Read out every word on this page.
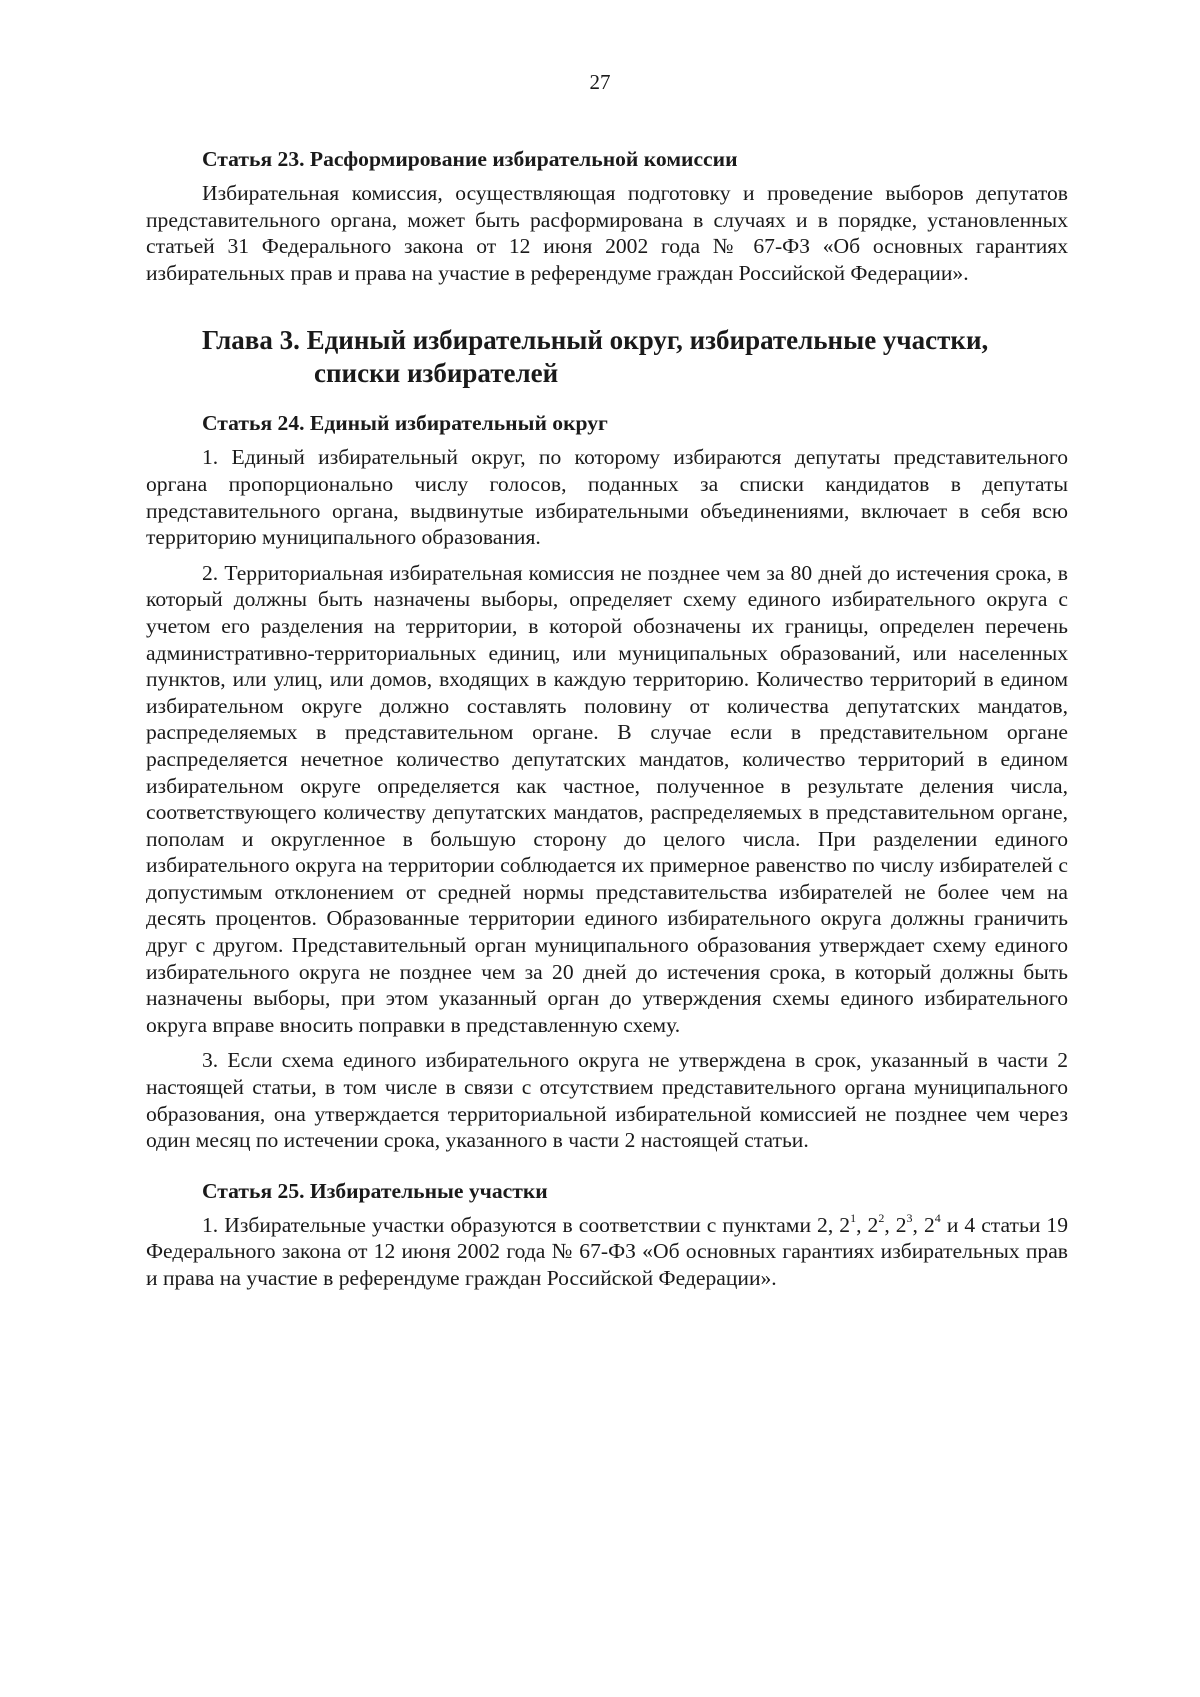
27
Статья 23. Расформирование избирательной комиссии

Избирательная комиссия, осуществляющая подготовку и проведение выборов депутатов представительного органа, может быть расформирована в случаях и в порядке, установленных статьей 31 Федерального закона от 12 июня 2002 года № 67-ФЗ «Об основных гарантиях избирательных прав и права на участие в референдуме граждан Российской Федерации».

Глава 3. Единый избирательный округ, избирательные участки,
списки избирателей
Статья 24. Единый избирательный округ

1. Единый избирательный округ, по которому избираются депутаты представительного органа пропорционально числу голосов, поданных за списки кандидатов в депутаты представительного органа, выдвинутые избирательными объединениями, включает в себя всю территорию муниципального образования.

2. Территориальная избирательная комиссия не позднее чем за 80 дней до истечения срока, в который должны быть назначены выборы, определяет схему единого избирательного округа с учетом его разделения на территории, в которой обозначены их границы, определен перечень административно-территориальных единиц, или муниципальных образований, или населенных пунктов, или улиц, или домов, входящих в каждую территорию. Количество территорий в едином избирательном округе должно составлять половину от количества депутатских мандатов, распределяемых в представительном органе. В случае если в представительном органе распределяется нечетное количество депутатских мандатов, количество территорий в едином избирательном округе определяется как частное, полученное в результате деления числа, соответствующего количеству депутатских мандатов, распределяемых в представительном органе, пополам и округленное в большую сторону до целого числа. При разделении единого избирательного округа на территории соблюдается их примерное равенство по числу избирателей с допустимым отклонением от средней нормы представительства избирателей не более чем на десять процентов. Образованные территории единого избирательного округа должны граничить друг с другом. Представительный орган муниципального образования утверждает схему единого избирательного округа не позднее чем за 20 дней до истечения срока, в который должны быть назначены выборы, при этом указанный орган до утверждения схемы единого избирательного округа вправе вносить поправки в представленную схему.

3. Если схема единого избирательного округа не утверждена в срок, указанный в части 2 настоящей статьи, в том числе в связи с отсутствием представительного органа муниципального образования, она утверждается территориальной избирательной комиссией не позднее чем через один месяц по истечении срока, указанного в части 2 настоящей статьи.

Статья 25. Избирательные участки

1. Избирательные участки образуются в соответствии с пунктами 2, $2^1$, $2^2$, $2^3$, $2^4$ и 4 статьи 19 Федерального закона от 12 июня 2002 года № 67-ФЗ «Об основных гарантиях избирательных прав и права на участие в референдуме граждан Российской Федерации».
